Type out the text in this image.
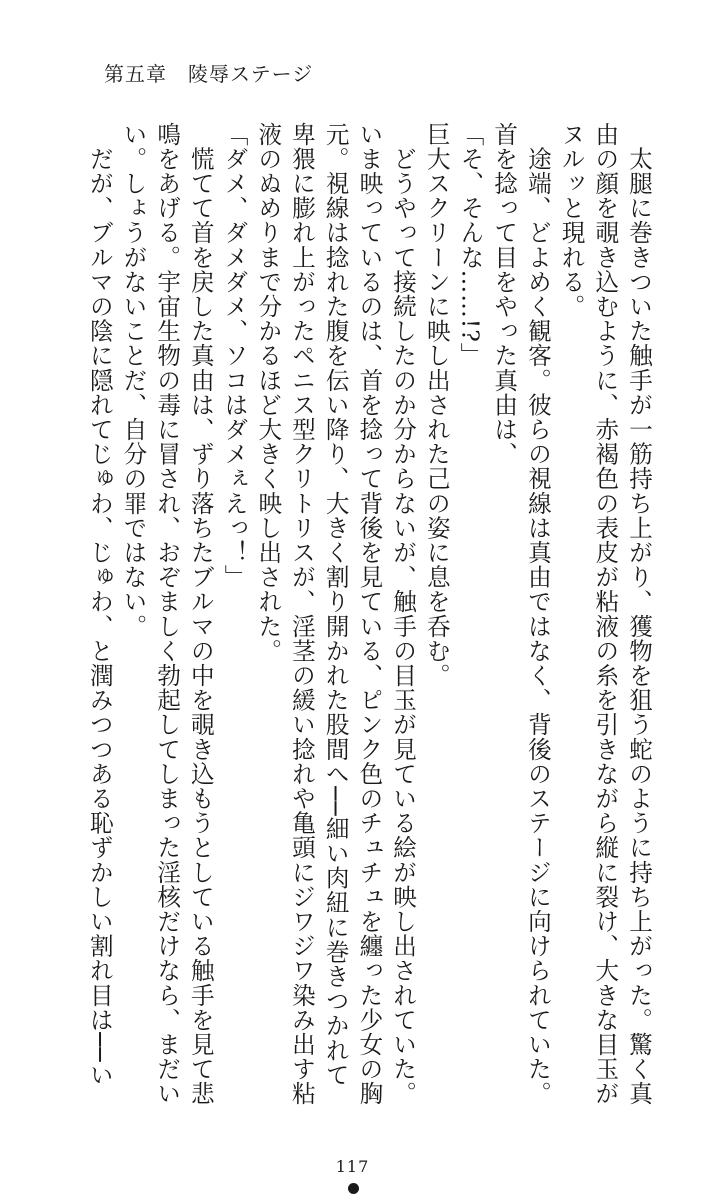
第五章　陵辱ステージ
　太腿に巻きついた触手が一筋持ち上がり、獲物を狙う蛇のように持ち上がった。驚く真
由の顔を覗き込むように、赤褐色の表皮が粘液の糸を引きながら縦に裂け、大きな目玉が
ヌルッと現れる。
　途端、どよめく観客。彼らの視線は真由ではなく、背後のステージに向けられていた。
首を捻って目をやった真由は、
「そ、そんな……!?」
巨大スクリーンに映し出された己の姿に息を呑む。
　どうやって接続したのか分からないが、触手の目玉が見ている絵が映し出されていた。
いま映っているのは、首を捻って背後を見ている、ピンク色のチュチュを纏った少女の胸
元。視線は捻れた腹を伝い降り、大きく割り開かれた股間へ──細い肉紐に巻きつかれて
卑猥に膨れ上がったペニス型クリトリスが、淫茎の緩い捻れや亀頭にジワジワ染み出す粘
液のぬめりまで分かるほど大きく映し出された。
「ダメ、ダメダメ、ソコはダメぇえっ！」
　慌てて首を戻した真由は、ずり落ちたブルマの中を覗き込もうとしている触手を見て悲
鳴をあげる。宇宙生物の毒に冒され、おぞましく勃起してしまった淫核だけなら、まだい
い。しょうがないことだ、自分の罪ではない。
　だが、ブルマの陰に隠れてじゅわ、じゅわ、と潤みつつある恥ずかしい割れ目は──い
117
